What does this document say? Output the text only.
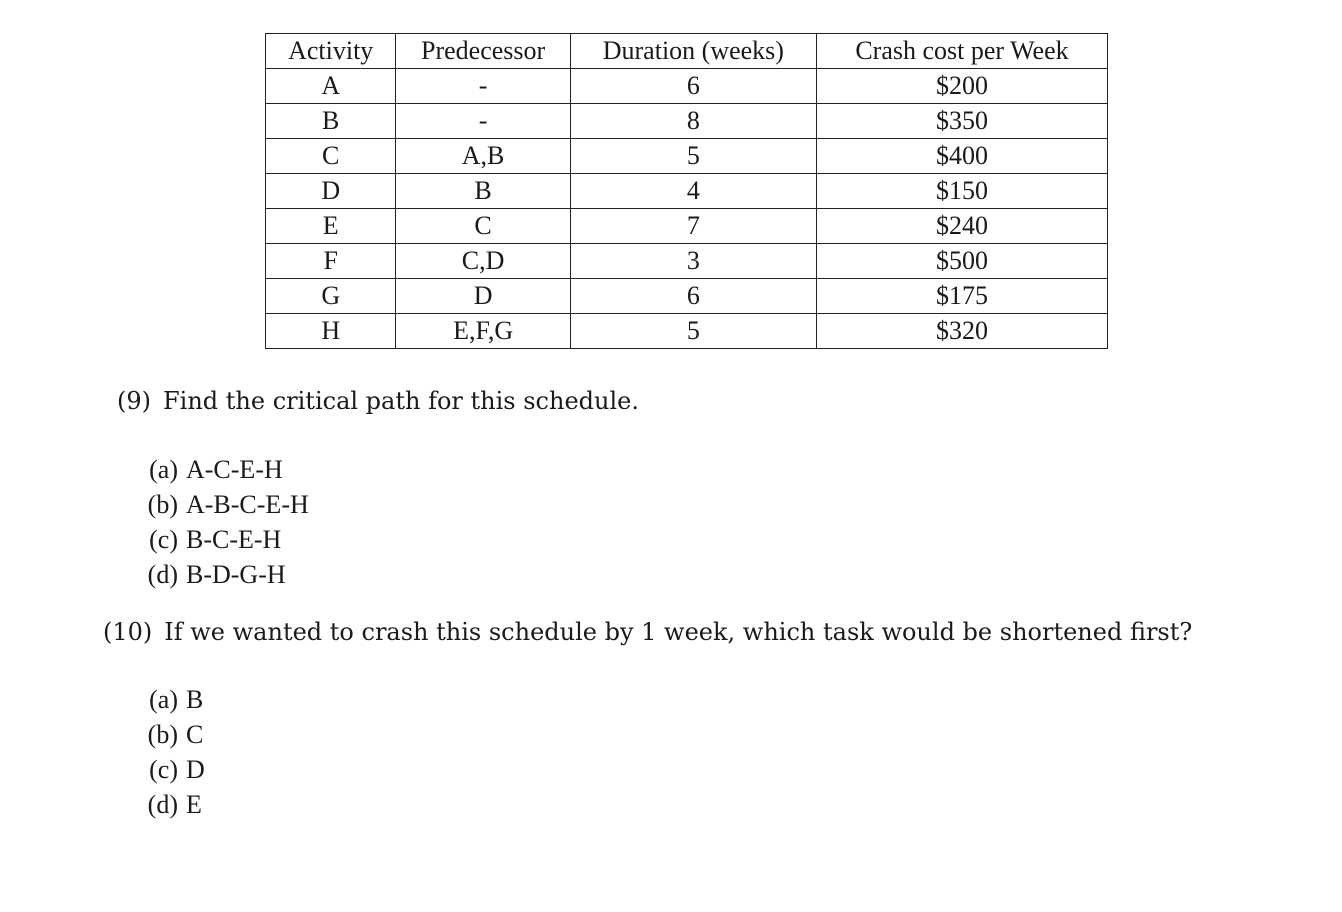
Activity	Predecessor	Duration (weeks)	Crash cost per Week
A	-	6	$200
B	-	8	$350
C	A,B	5	$400
D	B	4	$150
E	C	7	$240
F	C,D	3	$500
G	D	6	$175
H	E,F,G	5	$320
(9) Find the critical path for this schedule.
(a) A-C-E-H
(b) A-B-C-E-H
(c) B-C-E-H
(d) B-D-G-H
(10) If we wanted to crash this schedule by 1 week, which task would be shortened first?
(a) B
(b) C
(c) D
(d) E
